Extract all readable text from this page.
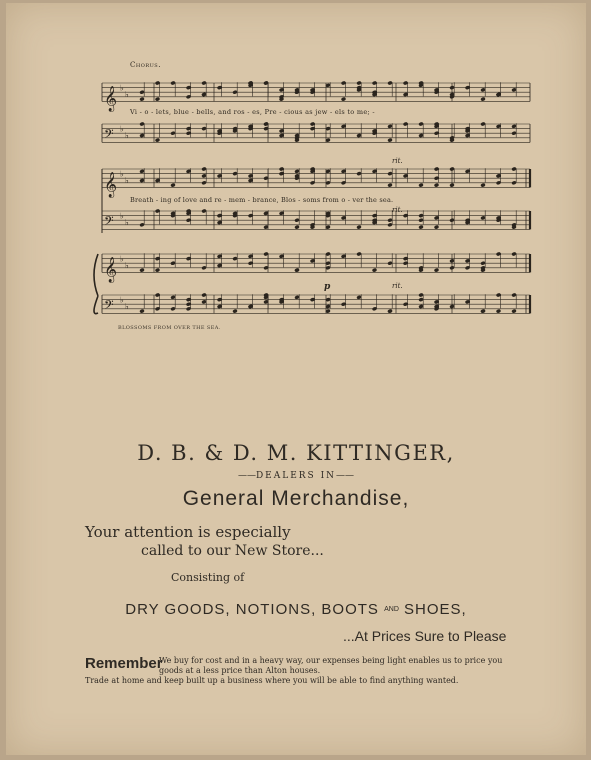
𝄞 ♭
♭
𝄢 ♭
♭
𝄞 ♭
♭
𝄢 ♭
♭
𝄞 ♭
♭
𝄢 ♭
♭
Chorus.
Vi - o - lets, blue - bells, and ros - es, Pre - cious as jew - els to me; -
Breath - ing of love and re - mem - brance, Blos - soms from o - ver the sea.
rit.
rit.
p	rit.
BLOSSOMS FROM OVER THE SEA.
D. B. & D. M. KITTINGER,
——DEALERS IN——
General Merchandise,
Your attention is especially
called to our New Store...
Consisting of
DRY GOODS, NOTIONS, BOOTS $^{AND}$ SHOES,
...At Prices Sure to Please
Remember
We buy for cost and in a heavy way, our expenses being light enables us to price you
goods at a less price than Alton houses.
Trade at home and keep built up a business where you will be able to find anything wanted.
